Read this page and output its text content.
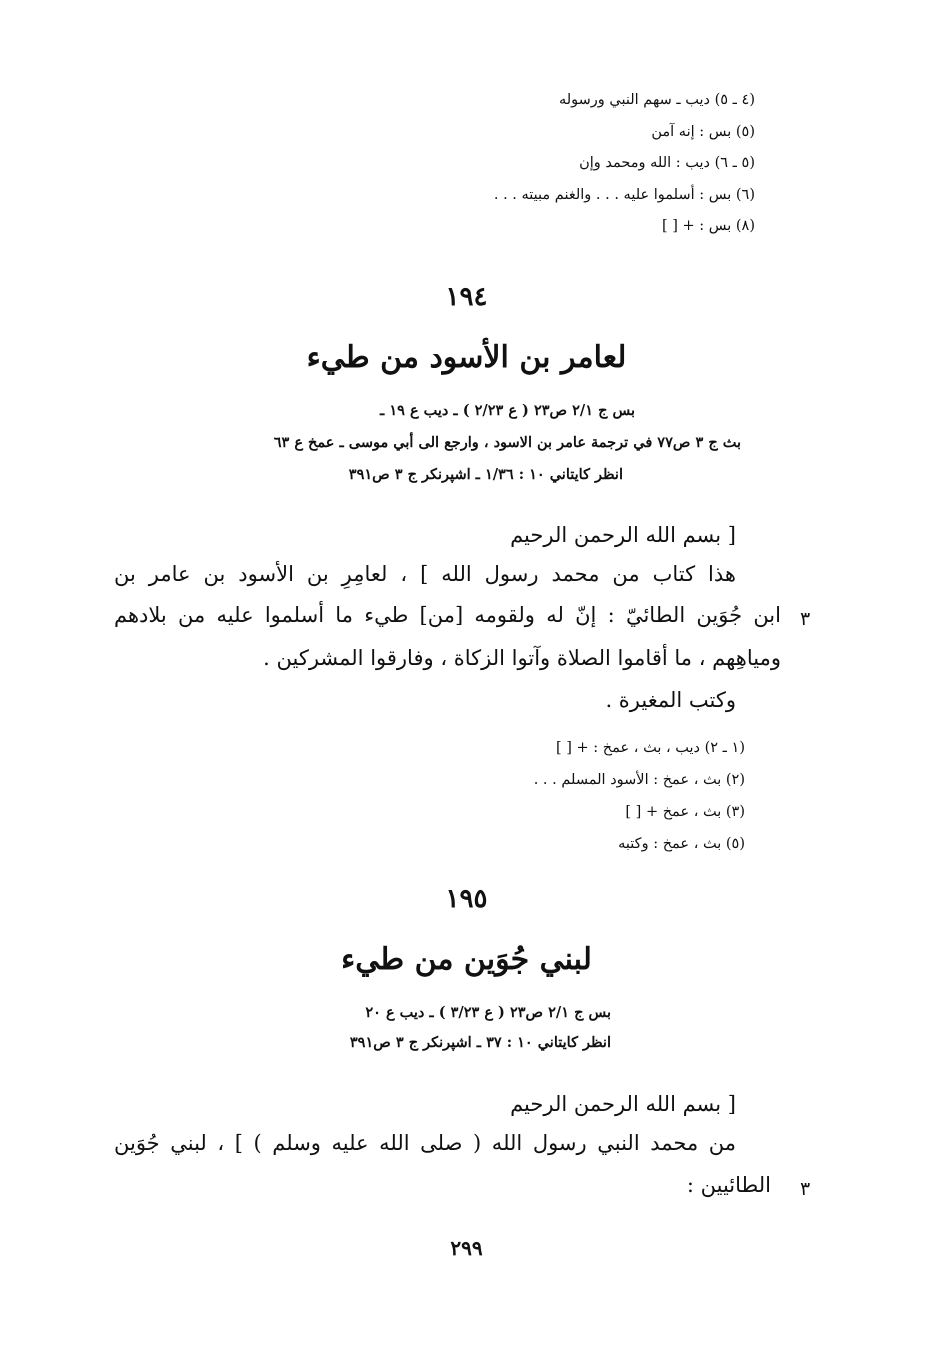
(٤ ـ ٥) ديب ـ سهم النبي ورسوله
(٥) بس : إنه آمن
(٥ ـ ٦) ديب : الله ومحمد وإن
(٦) بس : أسلموا عليه . . . والغنم مبيته . . .
(٨) بس : + [ ]
١٩٤
لعامر بن الأسود من طيء
بس ج ٢/١ ص٢٣ ( ع ٢/٢٣ ) ـ ديب ع ١٩ ـ
بث ج ٣ ص٧٧ في ترجمة عامر بن الاسود ، وارجع الى أبي موسى ـ عمخ ع ٦٣
انظر كايتاني ١٠ : ١/٣٦ ـ اشپرنكر ج ٣ ص٣٩١
[ بسم الله الرحمن الرحيم
هذا كتاب من محمد رسول الله ] ، لعامِرِ بن الأسود بن عامر بن
ابن جُوَين الطائيّ : إنّ له ولقومه [من] طيء ما أسلموا عليه من بلادهم ٣
ومياهِهم ، ما أقاموا الصلاة وآتوا الزكاة ، وفارقوا المشركين .
وكتب المغيرة .
(١ ـ ٢) ديب ، بث ، عمخ : + [ ]
(٢) بث ، عمخ : الأسود المسلم . . .
(٣) بث ، عمخ + [ ]
(٥) بث ، عمخ : وكتبه
١٩٥
لبني جُوَين من طيء
بس ج ٢/١ ص٢٣ ( ع ٣/٢٣ ) ـ ديب ع ٢٠
انظر كايتاني ١٠ : ٣٧ ـ اشپرنكر ج ٣ ص٣٩١
[ بسم الله الرحمن الرحيم
من محمد النبي رسول الله ( صلى الله عليه وسلم ) ] ، لبني جُوَين
الطائيين : ٣
٢٩٩
